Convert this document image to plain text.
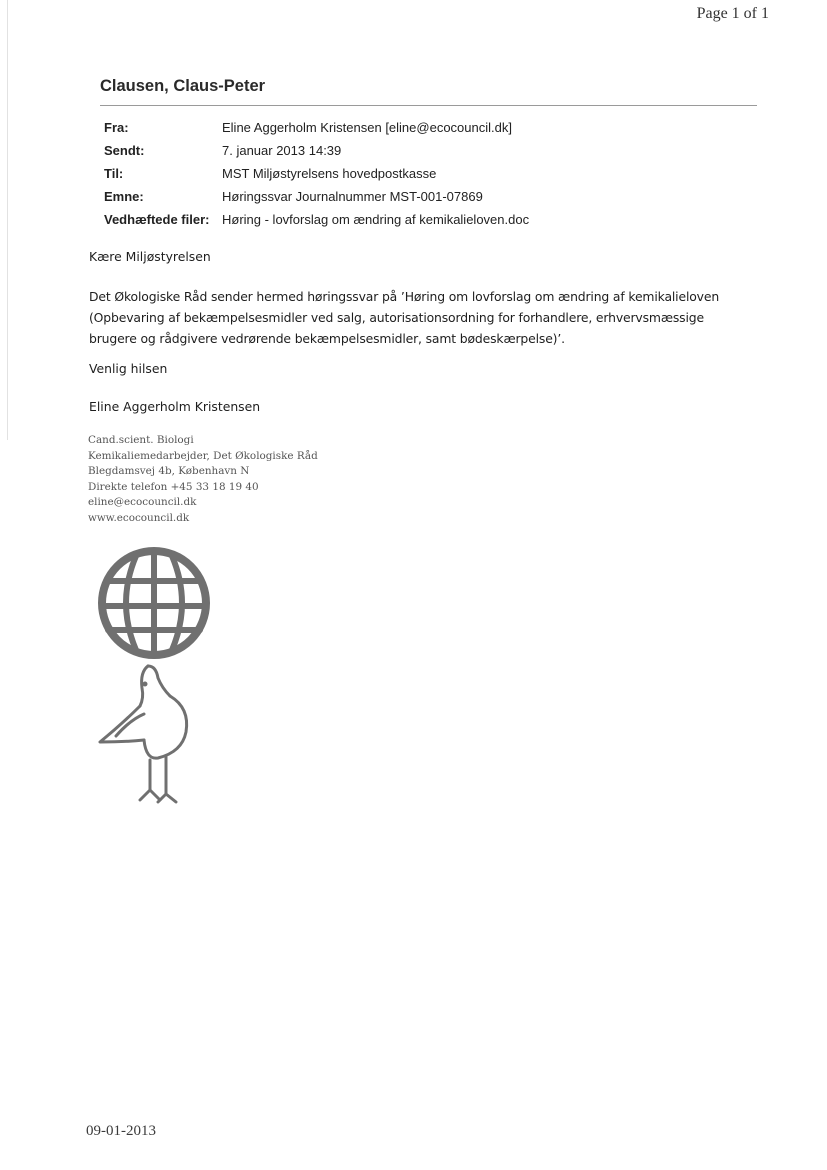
Page 1 of 1
Clausen, Claus-Peter
Fra:	Eline Aggerholm Kristensen [eline@ecocouncil.dk]
Sendt:	7. januar 2013 14:39
Til:	MST Miljøstyrelsens hovedpostkasse
Emne:	Høringssvar Journalnummer MST-001-07869
Vedhæftede filer:	Høring - lovforslag om ændring af kemikalieloven.doc
Kære Miljøstyrelsen
Det Økologiske Råd sender hermed høringssvar på ’Høring om lovforslag om ændring af kemikalieloven
(Opbevaring af bekæmpelsesmidler ved salg, autorisationsordning for forhandlere, erhvervsmæssige
brugere og rådgivere vedrørende bekæmpelsesmidler, samt bødeskærpelse)’.
Venlig hilsen
Eline Aggerholm Kristensen
Cand.scient. Biologi
Kemikaliemedarbejder, Det Økologiske Råd
Blegdamsvej 4b, København N
Direkte telefon +45 33 18 19 40
eline@ecocouncil.dk
www.ecocouncil.dk
09-01-2013
